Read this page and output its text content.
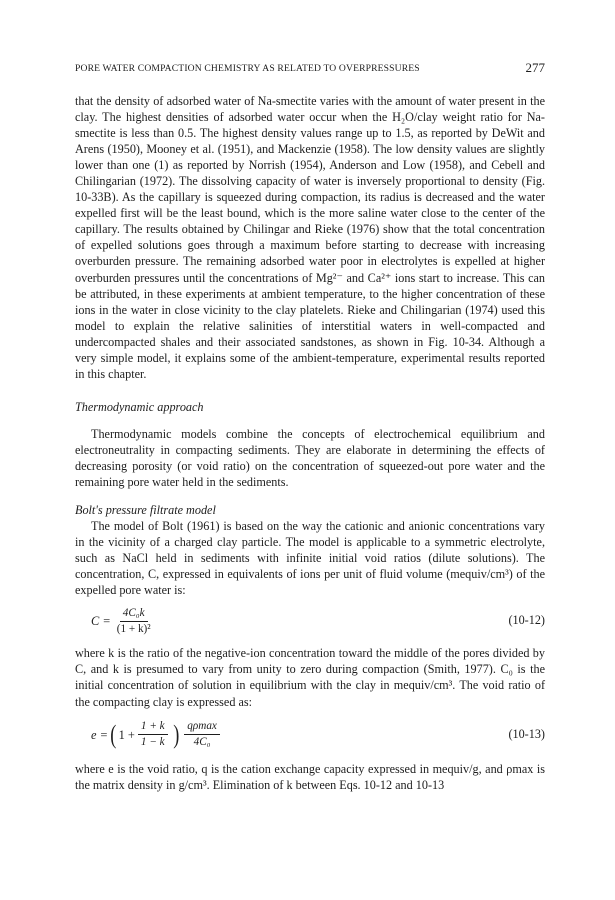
PORE WATER COMPACTION CHEMISTRY AS RELATED TO OVERPRESSURES	277

that the density of adsorbed water of Na-smectite varies with the amount of water present in the clay. The highest densities of adsorbed water occur when the H₂O/clay weight ratio for Na-smectite is less than 0.5. The highest density values range up to 1.5, as reported by DeWit and Arens (1950), Mooney et al. (1951), and Mackenzie (1958). The low density values are slightly lower than one (1) as reported by Norrish (1954), Anderson and Low (1958), and Cebell and Chilingarian (1972). The dissolving capacity of water is inversely proportional to density (Fig. 10-33B). As the capillary is squeezed during compaction, its radius is decreased and the water expelled first will be the least bound, which is the more saline water close to the center of the capillary. The results obtained by Chilingar and Rieke (1976) show that the total concentration of expelled solutions goes through a maximum before starting to decrease with increasing overburden pressure. The remaining adsorbed water poor in electrolytes is expelled at higher overburden pressures until the concentrations of Mg²⁻ and Ca²⁺ ions start to increase. This can be attributed, in these experiments at ambient temperature, to the higher concentration of these ions in the water in close vicinity to the clay platelets. Rieke and Chilingarian (1974) used this model to explain the relative salinities of interstitial waters in well-compacted and undercompacted shales and their associated sandstones, as shown in Fig. 10-34. Although a very simple model, it explains some of the ambient-temperature, experimental results reported in this chapter.

Thermodynamic approach

Thermodynamic models combine the concepts of electrochemical equilibrium and electroneutrality in compacting sediments. They are elaborate in determining the effects of decreasing porosity (or void ratio) on the concentration of squeezed-out pore water and the remaining pore water held in the sediments.

Bolt's pressure filtrate model

The model of Bolt (1961) is based on the way the cationic and anionic concentrations vary in the vicinity of a charged clay particle. The model is applicable to a symmetric electrolyte, such as NaCl held in sediments with infinite initial void ratios (dilute solutions). The concentration, C, expressed in equivalents of ions per unit of fluid volume (mequiv/cm³) of the expelled pore water is:

$C = \frac{\text{4C₀k}}{\text{(1 + k)²}}$	(10-12)

where k is the ratio of the negative-ion concentration toward the middle of the pores divided by C, and k is presumed to vary from unity to zero during compaction (Smith, 1977). C₀ is the initial concentration of solution in equilibrium with the clay in mequiv/cm³. The void ratio of the compacting clay is expressed as:

e = ( $1 + \frac{1 + k}{1 - k}$ ) $\frac{q\rho\max}{\text{4C₀}}$	(10-13)

where e is the void ratio, q is the cation exchange capacity expressed in mequiv/g, and ρmax is the matrix density in g/cm³. Elimination of k between Eqs. 10-12 and 10-13
